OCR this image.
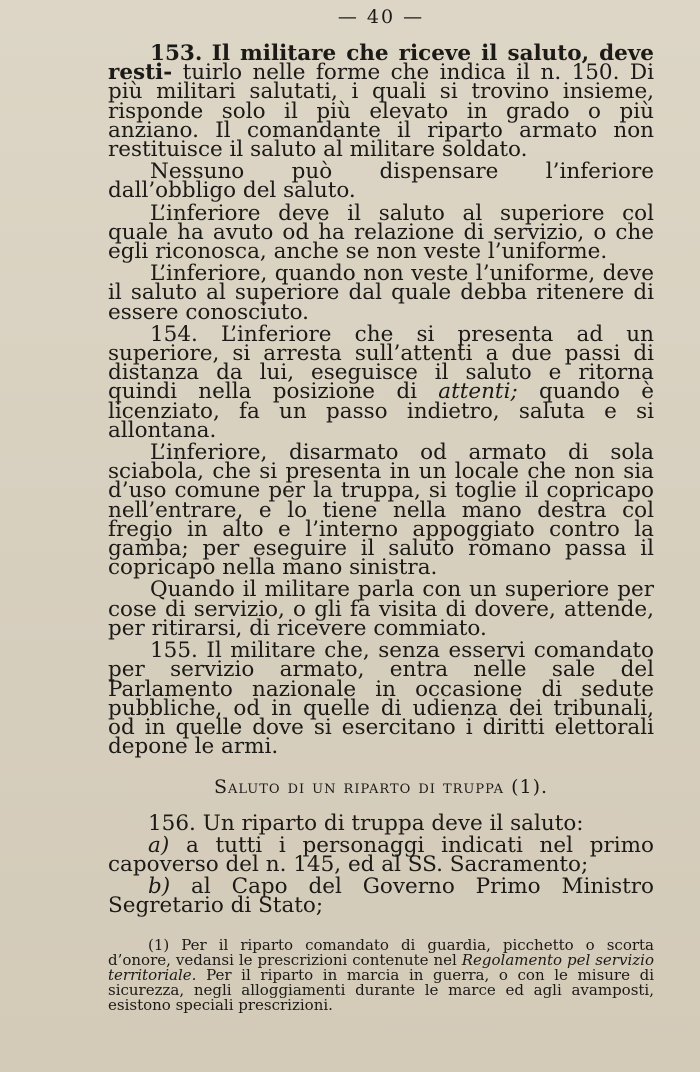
— 40 —

153. Il militare che riceve il saluto, deve resti- tuirlo nelle forme che indica il n. 150. Di più militari salutati, i quali si trovino insieme, risponde solo il più elevato in grado o più anziano. Il comandante il riparto armato non restituisce il saluto al militare soldato.

Nessuno può dispensare l’inferiore dall’obbligo del saluto.

L’inferiore deve il saluto al superiore col quale ha avuto od ha relazione di servizio, o che egli riconosca, anche se non veste l’uniforme.

L’inferiore, quando non veste l’uniforme, deve il saluto al superiore dal quale debba ritenere di essere conosciuto.

154. L’inferiore che si presenta ad un superiore, si arresta sull’attenti a due passi di distanza da lui, eseguisce il saluto e ritorna quindi nella posizione di attenti; quando è licenziato, fa un passo indietro, saluta e si allontana.

L’inferiore, disarmato od armato di sola sciabola, che si presenta in un locale che non sia d’uso comune per la truppa, si toglie il copricapo nell’entrare, e lo tiene nella mano destra col fregio in alto e l’interno appoggiato contro la gamba; per eseguire il saluto romano passa il copricapo nella mano sinistra.

Quando il militare parla con un superiore per cose di servizio, o gli fa visita di dovere, attende, per ritirarsi, di ricevere commiato.

155. Il militare che, senza esservi comandato per servizio armato, entra nelle sale del Parlamento nazionale in occasione di sedute pubbliche, od in quelle di udienza dei tribunali, od in quelle dove si esercitano i diritti elettorali depone le armi.

Saluto di un riparto di truppa (1).

156. Un riparto di truppa deve il saluto:

a) a tutti i personaggi indicati nel primo capoverso del n. 145, ed al SS. Sacramento;

b) al Capo del Governo Primo Ministro Segretario di Stato;

(1) Per il riparto comandato di guardia, picchetto o scorta d’onore, vedansi le prescrizioni contenute nel Regolamento pel servizio territoriale. Per il riparto in marcia in guerra, o con le misure di sicurezza, negli alloggiamenti durante le marce ed agli avamposti, esistono speciali prescrizioni.
